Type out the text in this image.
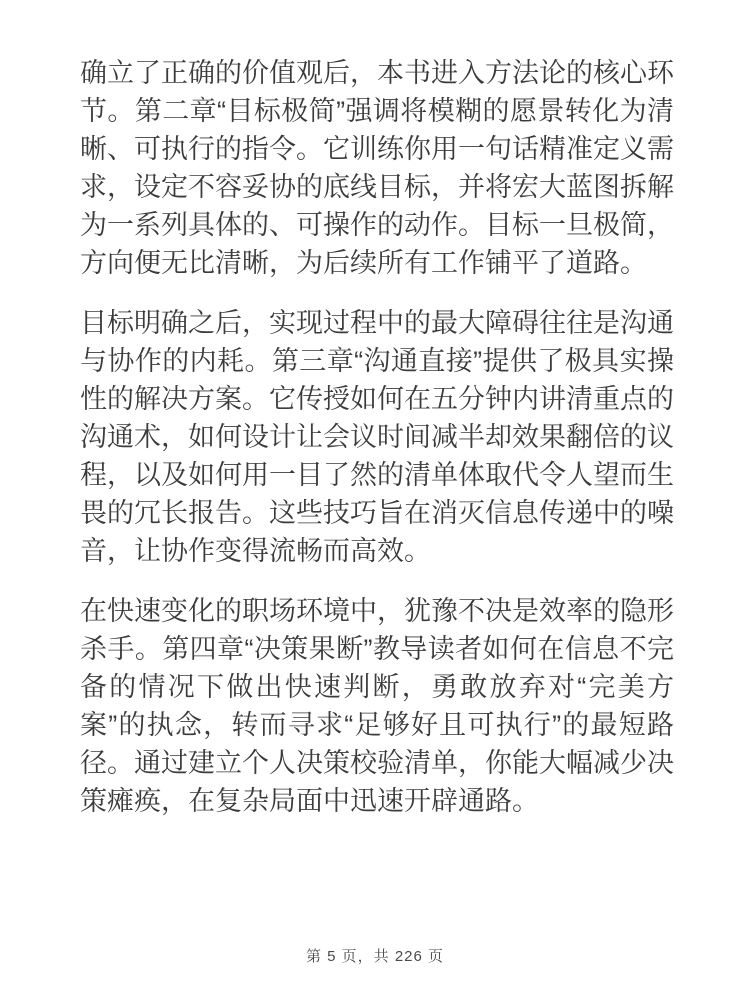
确立了正确的价值观后，本书进入方法论的核心环节。第二章“目标极简”强调将模糊的愿景转化为清晰、可执行的指令。它训练你用一句话精准定义需求，设定不容妥协的底线目标，并将宏大蓝图拆解为一系列具体的、可操作的动作。目标一旦极简，方向便无比清晰，为后续所有工作铺平了道路。

目标明确之后，实现过程中的最大障碍往往是沟通与协作的内耗。第三章“沟通直接”提供了极具实操性的解决方案。它传授如何在五分钟内讲清重点的沟通术，如何设计让会议时间减半却效果翻倍的议程，以及如何用一目了然的清单体取代令人望而生畏的冗长报告。这些技巧旨在消灭信息传递中的噪音，让协作变得流畅而高效。

在快速变化的职场环境中，犹豫不决是效率的隐形杀手。第四章“决策果断”教导读者如何在信息不完备的情况下做出快速判断，勇敢放弃对“完美方案”的执念，转而寻求“足够好且可执行”的最短路径。通过建立个人决策校验清单，你能大幅减少决策瘫痪，在复杂局面中迅速开辟通路。

第 5 页，共 226 页
